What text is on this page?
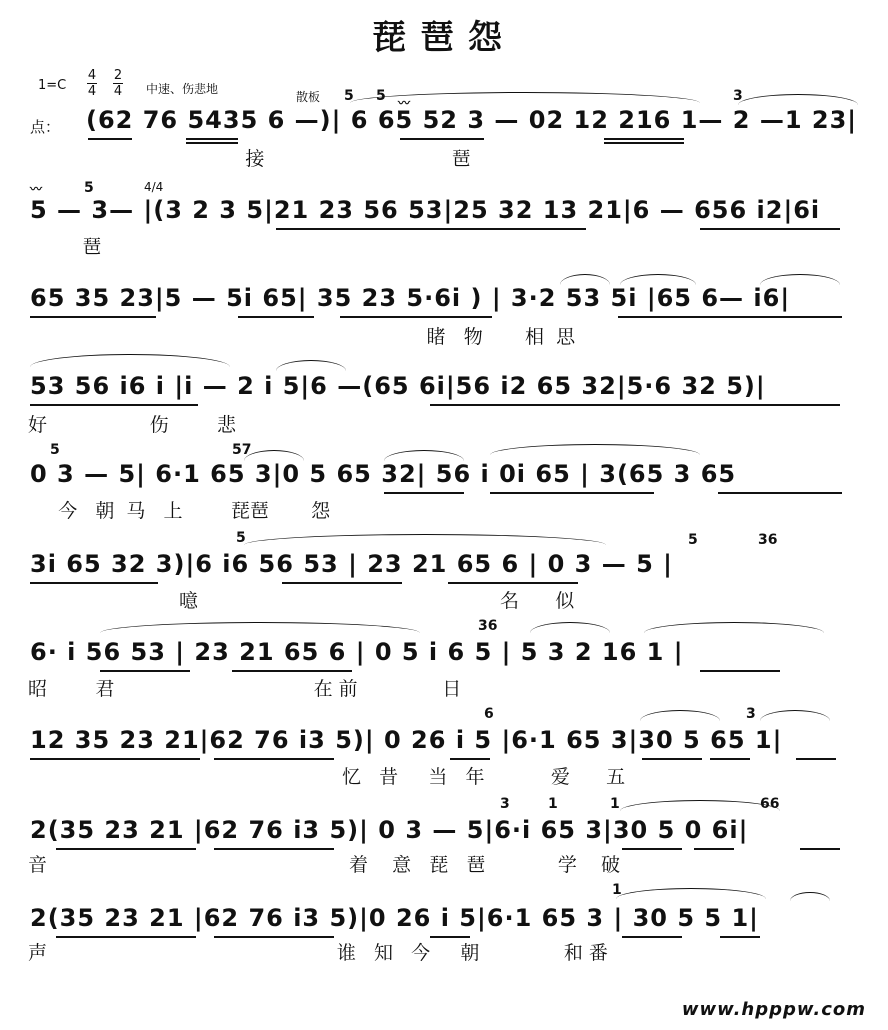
琵琶怨
1=C
4
4
2
4 中速、伤悲地
散板
点： (62 76 5435 6 —)| 6 65 52 3 — 02 12 216 1— 2 —1 23|
接                               琶
5 5	3
〰
4/4
5 — 3— |(3 2 3 5|21 23 56 53|25 32 13 21|6 — 656 i2|6i
琶
5
〰
65 35 23|5 — 5i 65| 35 23 5·6i ) | 3·2 53 5i |65 6— i6|
睹   物       相  思
53 56 i6 i |i — 2 i 5|6 —(65 6i|56 i2 65 32|5·6 32 5)|
好                 伤        悲
0 3 — 5| 6·1 65 3|0 5 65 32| 56 i 0i 65 | 3(65 3 65
今   朝  马   上        琵琶       怨
5	57
3i 65 32 3)|6 i6 56 53 | 23 21 65 6 | 0 3 — 5 |
噫                                                  名      似
5	5	36
6· i 56 53 | 23 21 65 6 | 0 5 i 6 5 | 5 3 2 16 1 |
昭        君                                 在 前              日
36
12 35 23 21|62 76 i3 5)| 0 26 i 5 |6·1 65 3|30 5 65 1|
忆   昔     当   年           爱      五
6	3
2(35 23 21 |62 76 i3 5)| 0 3 — 5|6·i 65 3|30 5 0 6i|
音                                                  着    意   琵   琶            学    破
3	1	1	66
2(35 23 21 |62 76 i3 5)|0 26 i 5|6·1 65 3 | 30 5 5 1|
声                                                谁   知   今     朝              和 番
1
www.hpppw.com
